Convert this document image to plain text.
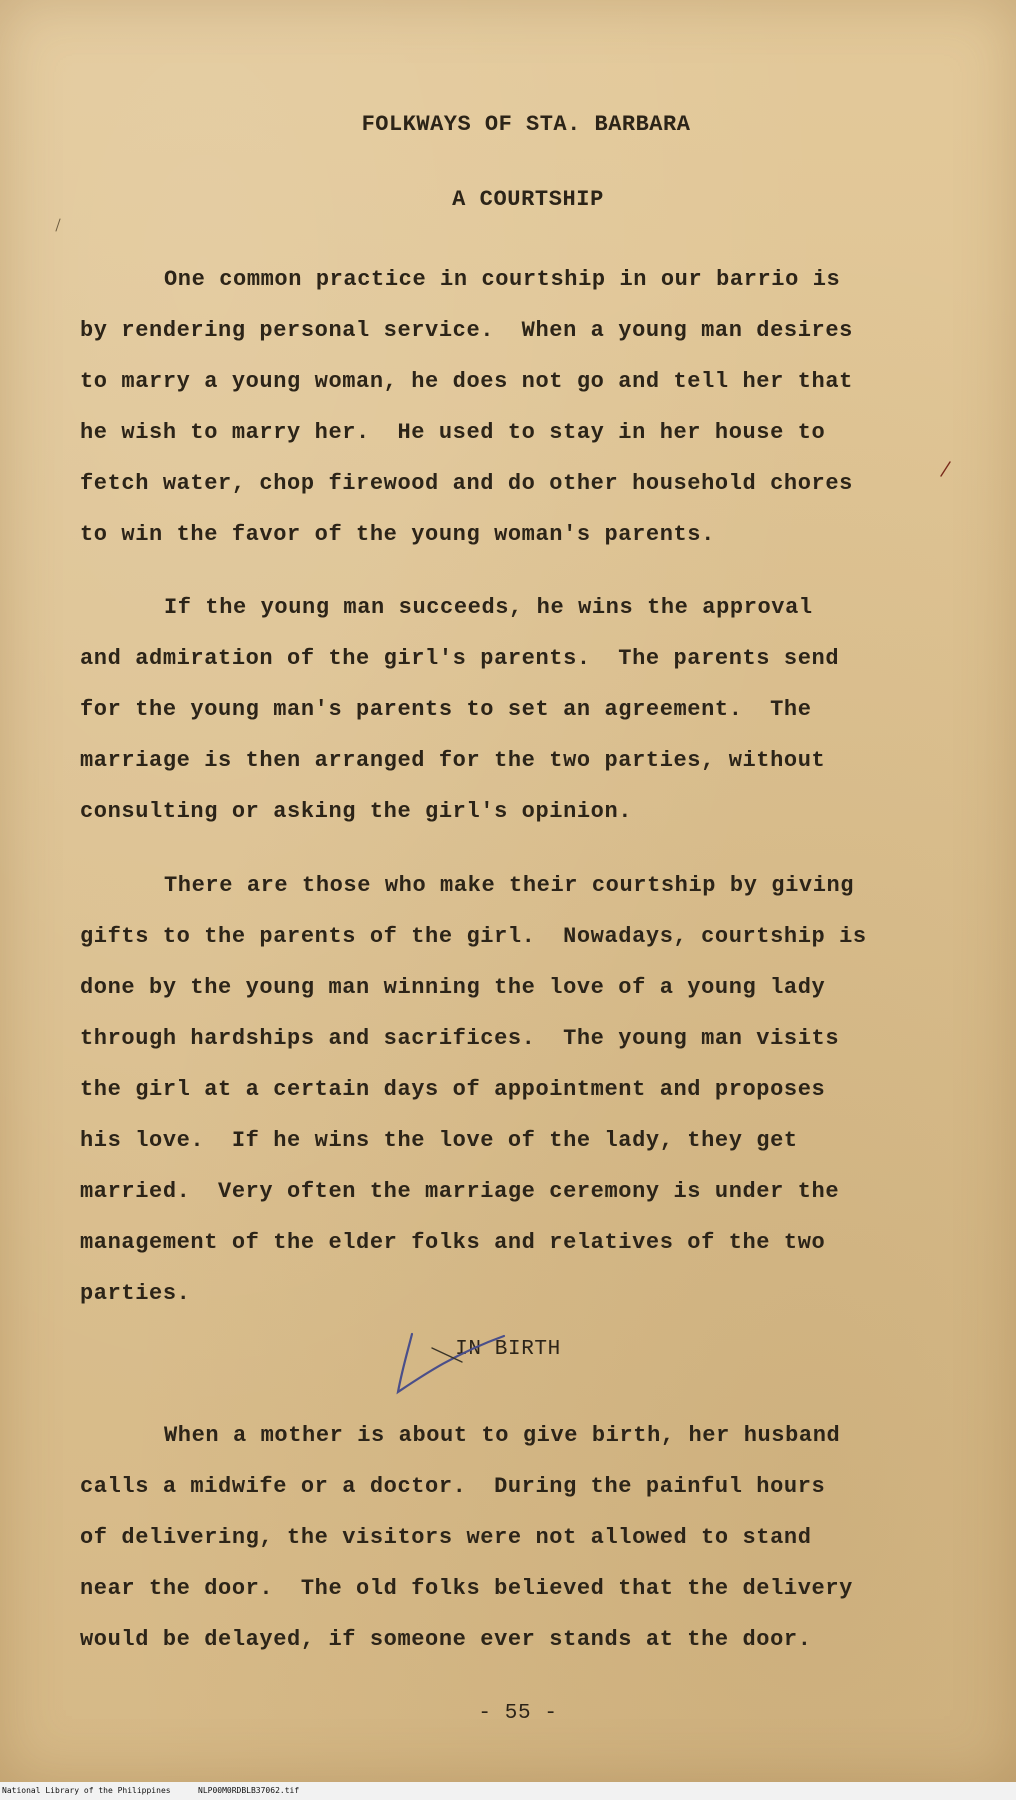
FOLKWAYS OF STA. BARBARA
A COURTSHIP
One common practice in courtship in our barrio is
by rendering personal service.  When a young man desires
to marry a young woman, he does not go and tell her that
he wish to marry her.  He used to stay in her house to
fetch water, chop firewood and do other household chores
to win the favor of the young woman's parents.
If the young man succeeds, he wins the approval
and admiration of the girl's parents.  The parents send
for the young man's parents to set an agreement.  The
marriage is then arranged for the two parties, without
consulting or asking the girl's opinion.
There are those who make their courtship by giving
gifts to the parents of the girl.  Nowadays, courtship is
done by the young man winning the love of a young lady
through hardships and sacrifices.  The young man visits
the girl at a certain days of appointment and proposes
his love.  If he wins the love of the lady, they get
married.  Very often the marriage ceremony is under the
management of the elder folks and relatives of the two
parties.
IN BIRTH
When a mother is about to give birth, her husband
calls a midwife or a doctor.  During the painful hours
of delivering, the visitors were not allowed to stand
near the door.  The old folks believed that the delivery
would be delayed, if someone ever stands at the door.
- 55 -
National Library of the Philippines	NLP00M0RDBLB37062.tif
